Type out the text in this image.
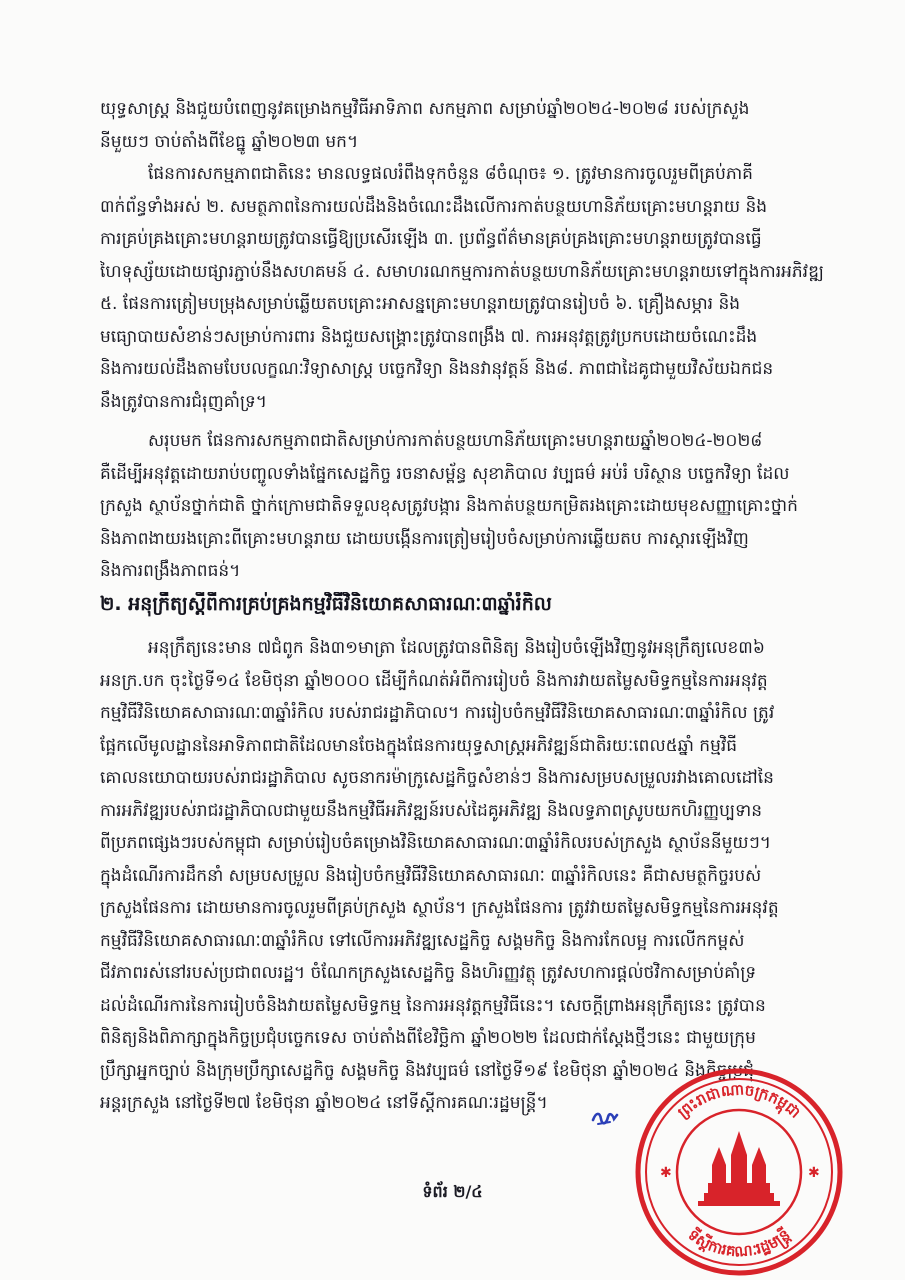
យុទ្ធសាស្ត្រ និងជួយបំពេញនូវគម្រោងកម្មវិធីអាទិភាព សកម្មភាព សម្រាប់ឆ្នាំ២០២៤-២០២៨ របស់ក្រសួង
នីមួយៗ ចាប់តាំងពីខែធ្នូ ឆ្នាំ២០២៣ មក។
ផែនការសកម្មភាពជាតិនេះ មានលទ្ធផលរំពឹងទុកចំនួន ៨ចំណុច៖ ១. ត្រូវមានការចូលរួមពីគ្រប់ភាគី
៣ក់ព័ន្ធទាំងអស់ ២. សមត្ថភាពនៃការយល់ដឹងនិងចំណេះដឹងលើការកាត់បន្ថយហានិភ័យគ្រោះមហន្តរាយ និង
ការគ្រប់គ្រងគ្រោះមហន្តរាយត្រូវបានធ្វើឱ្យប្រសើរឡើង ៣. ប្រព័ន្ធព័ត៌មានគ្រប់គ្រងគ្រោះមហន្តរាយត្រូវបានធ្វើ
ហៃទុស្ស័យដោយផ្សារភ្ជាប់នឹងសហគមន៍ ៤. សមាហរណកម្មការកាត់បន្ថយហានិភ័យគ្រោះមហន្តរាយទៅក្នុងការអភិវឌ្ឍ
៥. ផែនការត្រៀមបម្រុងសម្រាប់ឆ្លើយតបគ្រោះអាសន្នគ្រោះមហន្តរាយត្រូវបានរៀបចំ ៦. គ្រឿងសម្ភារ និង
មធ្យោបាយសំខាន់ៗសម្រាប់ការពារ និងជួយសង្គ្រោះត្រូវបានពង្រឹង ៧. ការអនុវត្តត្រូវប្រកបដោយចំណេះដឹង
និងការយល់ដឹងតាមបែបលក្ខណៈវិទ្យាសាស្ត្រ បច្ចេកវិទ្យា និងនវានុវត្តន៍ និង៨. ភាពជាដៃគូជាមួយវិស័យឯកជន
នឹងត្រូវបានការជំរុញគាំទ្រ។
សរុបមក ផែនការសកម្មភាពជាតិសម្រាប់ការកាត់បន្ថយហានិភ័យគ្រោះមហន្តរាយឆ្នាំ២០២៤-២០២៨
គឺដើម្បីអនុវត្តដោយរាប់បញ្ចូលទាំងផ្នែកសេដ្ឋកិច្ច រចនាសម្ព័ន្ធ សុខាភិបាល វប្បធម៌ អប់រំ បរិស្ថាន បច្ចេកវិទ្យា ដែល
ក្រសួង ស្ថាប័នថ្នាក់ជាតិ ថ្នាក់ក្រោមជាតិទទួលខុសត្រូវបង្ការ និងកាត់បន្ថយកម្រិតរងគ្រោះដោយមុខសញ្ញាគ្រោះថ្នាក់
និងភាពងាយរងគ្រោះពីគ្រោះមហន្តរាយ ដោយបង្កើនការត្រៀមរៀបចំសម្រាប់ការឆ្លើយតប ការស្តារឡើងវិញ
និងការពង្រឹងភាពធន់។
២. អនុក្រឹត្យស្តីពីការគ្រប់គ្រងកម្មវិធីវិនិយោគសាធារណៈ៣ឆ្នាំរំកិល
អនុក្រឹត្យនេះមាន ៧ជំពូក និង៣១មាត្រា ដែលត្រូវបានពិនិត្យ និងរៀបចំឡើងវិញនូវអនុក្រឹត្យលេខ៣៦
អនក្រ.បក ចុះថ្ងៃទី១៤ ខែមិថុនា ឆ្នាំ២០០០ ដើម្បីកំណត់អំពីការរៀបចំ និងការវាយតម្លៃសមិទ្ធកម្មនៃការអនុវត្ត
កម្មវិធីវិនិយោគសាធារណៈ៣ឆ្នាំរំកិល របស់រាជរដ្ឋាភិបាល។ ការរៀបចំកម្មវិធីវិនិយោគសាធារណៈ៣ឆ្នាំរំកិល ត្រូវ
ផ្អែកលើមូលដ្ឋាននៃអាទិភាពជាតិដែលមានចែងក្នុងផែនការយុទ្ធសាស្ត្រអភិវឌ្ឍន៍ជាតិរយៈពេល៥ឆ្នាំ កម្មវិធី
គោលនយោបាយរបស់រាជរដ្ឋាភិបាល សូចនាករម៉ាក្រូសេដ្ឋកិច្ចសំខាន់ៗ និងការសម្របសម្រួលរវាងគោលដៅនៃ
ការអភិវឌ្ឍរបស់រាជរដ្ឋាភិបាលជាមួយនឹងកម្មវិធីអភិវឌ្ឍន៍របស់ដៃគូអភិវឌ្ឍ និងលទ្ធភាពស្រូបយកហិរញ្ញប្បទាន
ពីប្រភពផ្សេងៗរបស់កម្ពុជា សម្រាប់រៀបចំគម្រោងវិនិយោគសាធារណៈ៣ឆ្នាំរំកិលរបស់ក្រសួង ស្ថាប័ននីមួយៗ។
ក្នុងដំណើរការដឹកនាំ សម្របសម្រួល និងរៀបចំកម្មវិធីវិនិយោគសាធារណៈ ៣ឆ្នាំរំកិលនេះ គឺជាសមត្ថកិច្ចរបស់
ក្រសួងផែនការ ដោយមានការចូលរួមពីគ្រប់ក្រសួង ស្ថាប័ន។ ក្រសួងផែនការ ត្រូវវាយតម្លៃសមិទ្ធកម្មនៃការអនុវត្ត
កម្មវិធីវិនិយោគសាធារណៈ៣ឆ្នាំរំកិល ទៅលើការអភិវឌ្ឍសេដ្ឋកិច្ច សង្គមកិច្ច និងការកែលម្អ ការលើកកម្ពស់
ជីវភាពរស់នៅរបស់ប្រជាពលរដ្ឋ។ ចំណែកក្រសួងសេដ្ឋកិច្ច និងហិរញ្ញវត្ថុ ត្រូវសហការផ្តល់ថវិកាសម្រាប់គាំទ្រ
ដល់ដំណើរការនៃការរៀបចំនិងវាយតម្លៃសមិទ្ធកម្ម នៃការអនុវត្តកម្មវិធីនេះ។ សេចក្តីព្រាងអនុក្រឹត្យនេះ ត្រូវបាន
ពិនិត្យនិងពិភាក្សាក្នុងកិច្ចប្រជុំបច្ចេកទេស ចាប់តាំងពីខែវិច្ឆិកា ឆ្នាំ២០២២ ដែលជាក់ស្តែងថ្មីៗនេះ ជាមួយក្រុម
ប្រឹក្សាអ្នកច្បាប់ និងក្រុមប្រឹក្សាសេដ្ឋកិច្ច សង្គមកិច្ច និងវប្បធម៌ នៅថ្ងៃទី១៩ ខែមិថុនា ឆ្នាំ២០២៤ និងកិច្ចប្រជុំ
អន្តរក្រសួង នៅថ្ងៃទី២៧ ខែមិថុនា ឆ្នាំ២០២៤ នៅទីស្តីការគណៈរដ្ឋមន្ត្រី។
ទំព័រ ២/៤
ព្រះរាជាណាចក្រកម្ពុជា
ទីស្តីការគណៈរដ្ឋមន្ត្រី
✱	✱
